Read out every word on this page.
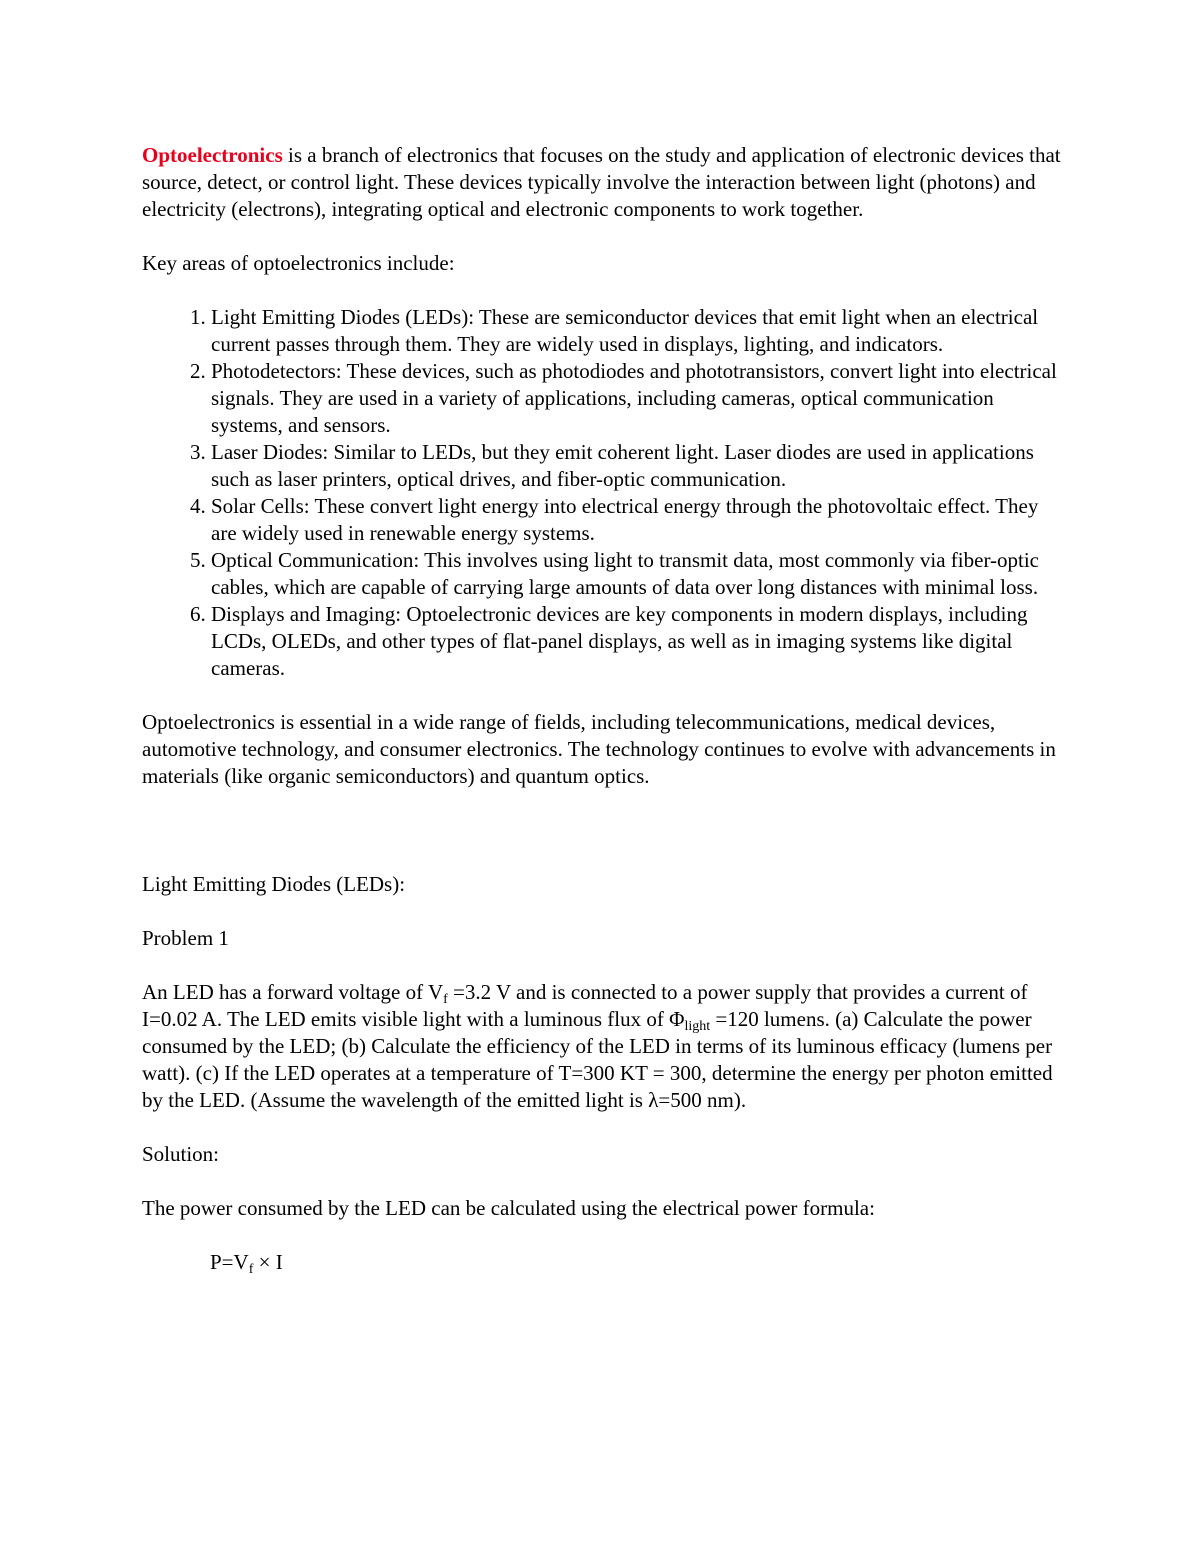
Optoelectronics is a branch of electronics that focuses on the study and application of electronic devices that source, detect, or control light. These devices typically involve the interaction between light (photons) and electricity (electrons), integrating optical and electronic components to work together.

Key areas of optoelectronics include:

1. Light Emitting Diodes (LEDs): These are semiconductor devices that emit light when an electrical current passes through them. They are widely used in displays, lighting, and indicators.
2. Photodetectors: These devices, such as photodiodes and phototransistors, convert light into electrical signals. They are used in a variety of applications, including cameras, optical communication systems, and sensors.
3. Laser Diodes: Similar to LEDs, but they emit coherent light. Laser diodes are used in applications such as laser printers, optical drives, and fiber-optic communication.
4. Solar Cells: These convert light energy into electrical energy through the photovoltaic effect. They are widely used in renewable energy systems.
5. Optical Communication: This involves using light to transmit data, most commonly via fiber-optic cables, which are capable of carrying large amounts of data over long distances with minimal loss.
6. Displays and Imaging: Optoelectronic devices are key components in modern displays, including LCDs, OLEDs, and other types of flat-panel displays, as well as in imaging systems like digital cameras.

Optoelectronics is essential in a wide range of fields, including telecommunications, medical devices, automotive technology, and consumer electronics. The technology continues to evolve with advancements in materials (like organic semiconductors) and quantum optics.

Light Emitting Diodes (LEDs):

Problem 1

An LED has a forward voltage of $V_f =3.2$ V and is connected to a power supply that provides a current of I=0.02 A. The LED emits visible light with a luminous flux of $\Phi_{light} =120$ lumens. (a) Calculate the power consumed by the LED; (b) Calculate the efficiency of the LED in terms of its luminous efficacy (lumens per watt). (c) If the LED operates at a temperature of T=300 KT = 300, determine the energy per photon emitted by the LED. (Assume the wavelength of the emitted light is λ=500 nm).

Solution:

The power consumed by the LED can be calculated using the electrical power formula:

$P=V_f \times I$
